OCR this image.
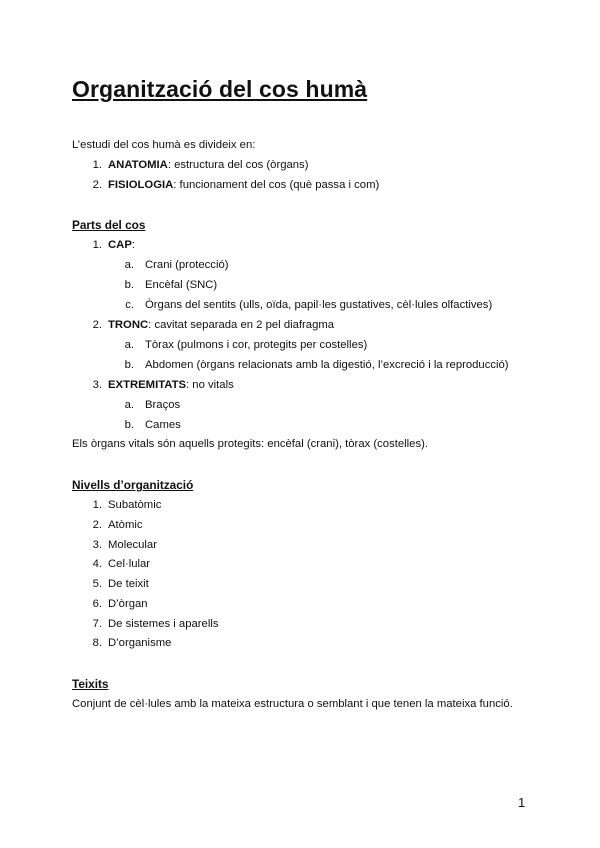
Organització del cos humà
L’estudi del cos humà es divideix en:
1. ANATOMIA: estructura del cos (òrgans)
2. FISIOLOGIA: funcionament del cos (què passa i com)
Parts del cos
1. CAP:
a. Crani (protecció)
b. Encèfal (SNC)
c. Òrgans del sentits (ulls, oïda, papil·les gustatives, cèl·lules olfactives)
2. TRONC: cavitat separada en 2 pel diafragma
a. Tòrax (pulmons i cor, protegits per costelles)
b. Abdomen (òrgans relacionats amb la digestió, l’excreció i la reproducció)
3. EXTREMITATS: no vitals
a. Braços
b. Cames
Els òrgans vitals són aquells protegits: encèfal (crani), tòrax (costelles).
Nivells d’organització
1. Subatòmic
2. Atòmic
3. Molecular
4. Cel·lular
5. De teixit
6. D’òrgan
7. De sistemes i aparells
8. D’organisme
Teixits
Conjunt de cèl·lules amb la mateixa estructura o semblant i que tenen la mateixa funció.
1
